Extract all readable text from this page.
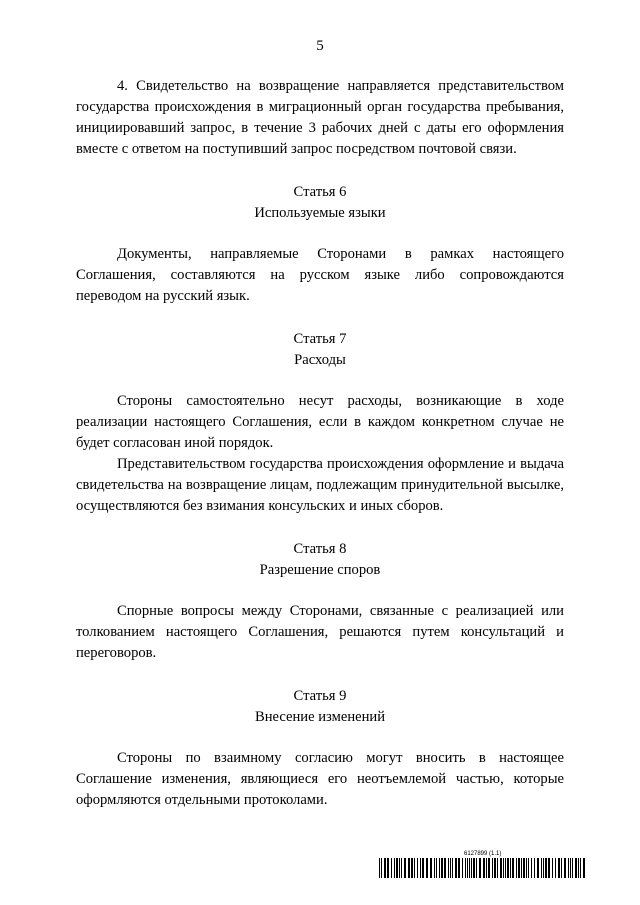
5

4. Свидетельство на возвращение направляется представительством государства происхождения в миграционный орган государства пребывания, инициировавший запрос, в течение 3 рабочих дней с даты его оформления вместе с ответом на поступивший запрос посредством почтовой связи.

Статья 6

Используемые языки

Документы, направляемые Сторонами в рамках настоящего Соглашения, составляются на русском языке либо сопровождаются переводом на русский язык.

Статья 7

Расходы

Стороны самостоятельно несут расходы, возникающие в ходе реализации настоящего Соглашения, если в каждом конкретном случае не будет согласован иной порядок.

Представительством государства происхождения оформление и выдача свидетельства на возвращение лицам, подлежащим принудительной высылке, осуществляются без взимания консульских и иных сборов.

Статья 8

Разрешение споров

Спорные вопросы между Сторонами, связанные с реализацией или толкованием настоящего Соглашения, решаются путем консультаций и переговоров.

Статья 9

Внесение изменений

Стороны по взаимному согласию могут вносить в настоящее Соглашение изменения, являющиеся его неотъемлемой частью, которые оформляются отдельными протоколами.

6127899 (1.1)
